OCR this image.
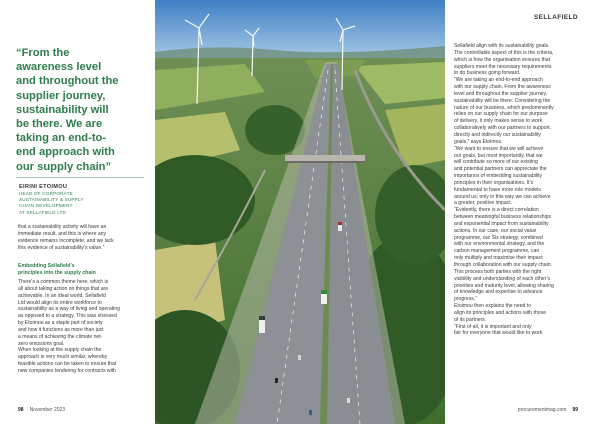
“From the
awareness level
and throughout the
supplier journey,
sustainability will
be there. We are
taking an end-to-
end approach with
our supply chain”
EIRINI ETOIMOU
HEAD OF CORPORATE
SUSTAINABILITY & SUPPLY
CHAIN DEVELOPMENT
AT SELLAFIELD LTD
that a sustainability activity will have an
immediate result, and this is where any
evidence remains incomplete, and we lack
this evidence of sustainability’s value.”
Embedding Sellafield’s
principles into the supply chain
There’s a common theme here, which is
all about taking action on things that are
achievable. In an ideal world, Sellafield
Ltd would align its entire workforce to
sustainability as a way of living and operating
as opposed to a strategy. This was stressed
by Etoimou as a staple part of society
and how it functions as more than just
a means of achieving the climate net-
zero emissions goal.
When looking at the supply chain the
approach is very much similar, whereby
feasible actions can be taken to ensure that
new companies tendering for contracts with
98 November 2023
SELLAFIELD
Sellafield align with its sustainability goals.
The controllable aspect of this is the criteria,
which is how the organisation ensures that
suppliers meet the necessary requirements
to do business going forward.
“We are taking an end-to-end approach
with our supply chain. From the awareness
level and throughout the supplier journey,
sustainability will be there. Considering the
nature of our business, which predominantly
relies on our supply chain for our purpose
of delivery, it only makes sense to work
collaboratively with our partners to support,
directly and indirectly our sustainability
goals,” says Etoimou.
“We want to ensure that we will achieve
our goals, but most importantly, that we
will contribute so more of our existing
and potential partners can appreciate the
importance of embedding sustainability
principles in their organisations. It’s
fundamental to have more role models
around us; only in this way we can achieve
a greater, positive impact.
“Evidently, there is a direct correlation
between meaningful business relationships
and exponential impact from sustainability
actions. In our case, our social value
programme, our Six strategy, combined
with our environmental strategy, and the
carbon management programme, can
only multiply and maximise their impact
through collaboration with our supply chain.
This process both parties with the right
visibility and understanding of each other’s
priorities and maturity level, allowing sharing
of knowledge and expertise to advance
progress.”
Etoimou then explains the need to
align its principles and actions with those
of its partners.
“First of all, it is important and only
fair for everyone that would like to work
procurementmag.com 99
